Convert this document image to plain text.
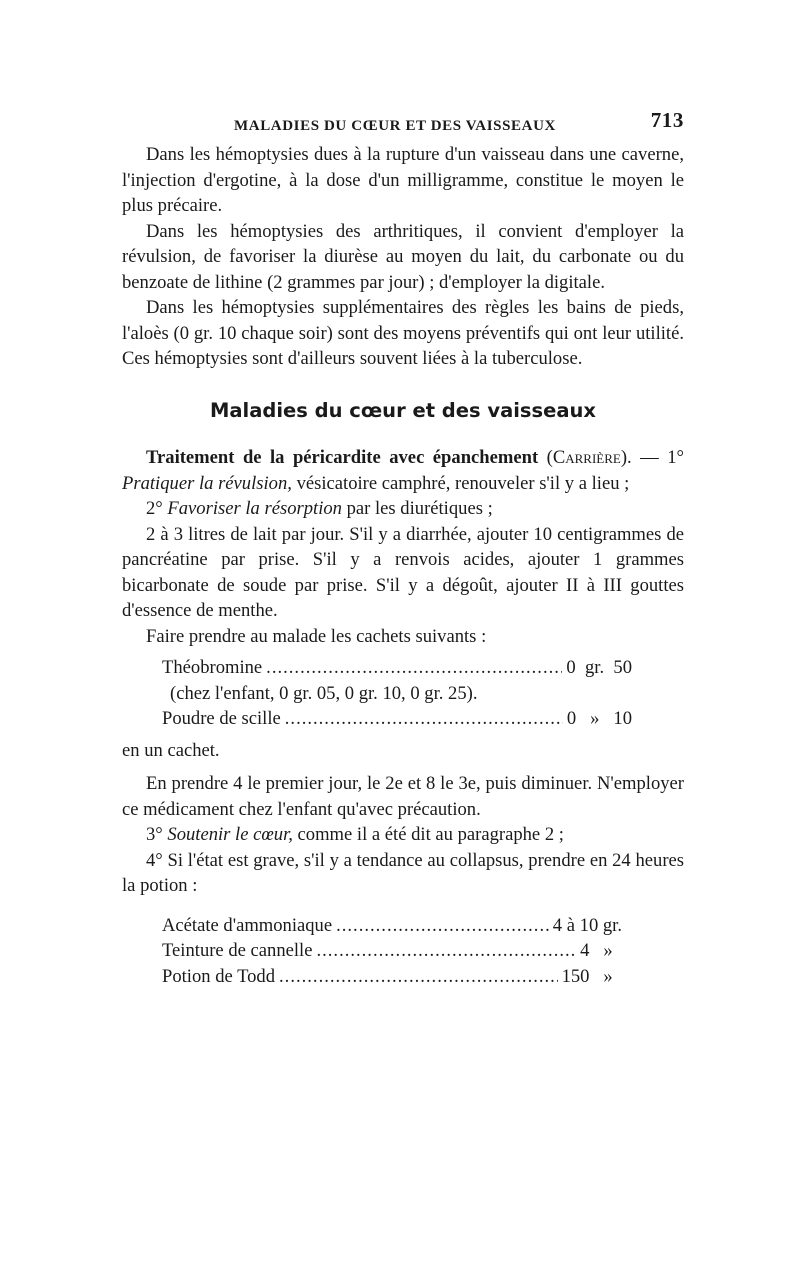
MALADIES DU CŒUR ET DES VAISSEAUX	713

Dans les hémoptysies dues à la rupture d'un vaisseau dans une caverne, l'injection d'ergotine, à la dose d'un milligramme, constitue le moyen le plus précaire.

Dans les hémoptysies des arthritiques, il convient d'employer la révulsion, de favoriser la diurèse au moyen du lait, du carbonate ou du benzoate de lithine (2 grammes par jour) ; d'employer la digitale.

Dans les hémoptysies supplémentaires des règles les bains de pieds, l'aloès (0 gr. 10 chaque soir) sont des moyens préventifs qui ont leur utilité. Ces hémoptysies sont d'ailleurs souvent liées à la tuberculose.

Maladies du cœur et des vaisseaux

Traitement de la péricardite avec épanchement (Carrière). — 1° Pratiquer la révulsion, vésicatoire camphré, renouveler s'il y a lieu ;

2° Favoriser la résorption par les diurétiques ;

2 à 3 litres de lait par jour. S'il y a diarrhée, ajouter 10 centigrammes de pancréatine par prise. S'il y a renvois acides, ajouter 1 grammes bicarbonate de soude par prise. S'il y a dégoût, ajouter II à III gouttes d'essence de menthe.

Faire prendre au malade les cachets suivants :

Théobromine .....	0  gr.  50
(chez l'enfant, 0 gr. 05, 0 gr. 10, 0 gr. 25).
Poudre de scille .....	0   »   10

en un cachet.

En prendre 4 le premier jour, le 2e et 8 le 3e, puis diminuer. N'employer ce médicament chez l'enfant qu'avec précaution.

3° Soutenir le cœur, comme il a été dit au paragraphe 2 ;

4° Si l'état est grave, s'il y a tendance au collapsus, prendre en 24 heures la potion :

Acétate d'ammoniaque .....	4 à 10 gr.
Teinture de cannelle .....	4   »
Potion de Todd .....	150   »
